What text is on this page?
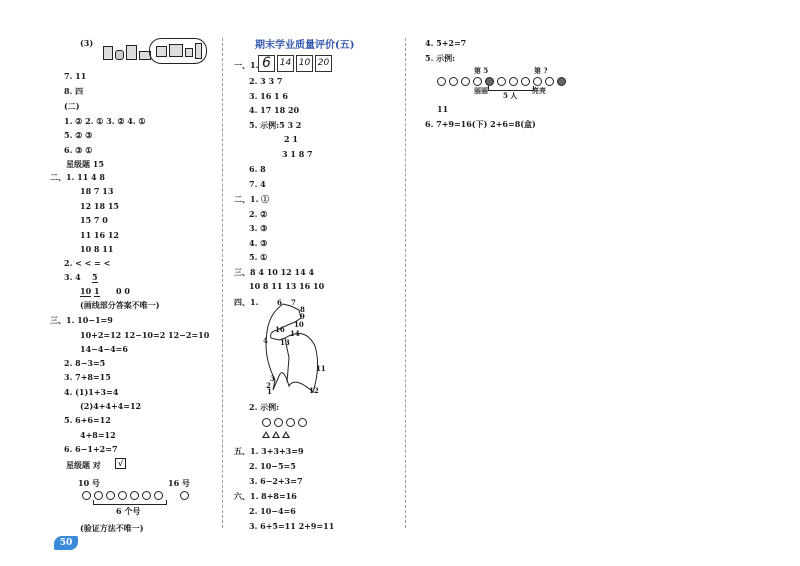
(3)
7. 11
8. 四
(二)
1. ② 2. ① 3. ② 4. ①
5. ② ③
6. ③ ①
星级题 15
二、1. 11 4 8
18 7 13
12 18 15
15 7 0
11 16 12
10 8 11
2. < < = <
3. 4 5
10 1 0 0
(画线部分答案不唯一)
三、1. 10−1=9
10+2=12 12−10=2 12−2=10
14−4−4=6
2. 8−3=5
3. 7+8=15
4. (1)1+3=4
(2)4+4+4=12
5. 6+6=12
4+8=12
6. 6−1+2=7
星级题 对	√
10 号	16 号
6 个号
(验证方法不唯一)
50
期末学业质量评价(五)
一、1. 6 14 10 20
2. 3 3 7
3. 16 1 6
4. 17 18 20
5. 示例:5 3 2
2 1
3 1 8 7
6. 8
7. 4
二、1. ①
2. ②
3. ③
4. ③
5. ①
三、8 4 10 12 14 4
10 8 11 13 16 10
四、1.	6 7
8
9
10
14
16
13
4
11
3
2
1	12
2. 示例:
五、1. 3+3+3=9
2. 10−5=5
3. 6−2+3=7
六、1. 8+8=16
2. 10−4=6
3. 6+5=11 2+9=11
4. 5+2=7
5. 示例:
第 5	第 ?
丽丽
5 人
亮亮
11
6. 7+9=16(下) 2+6=8(盒)
